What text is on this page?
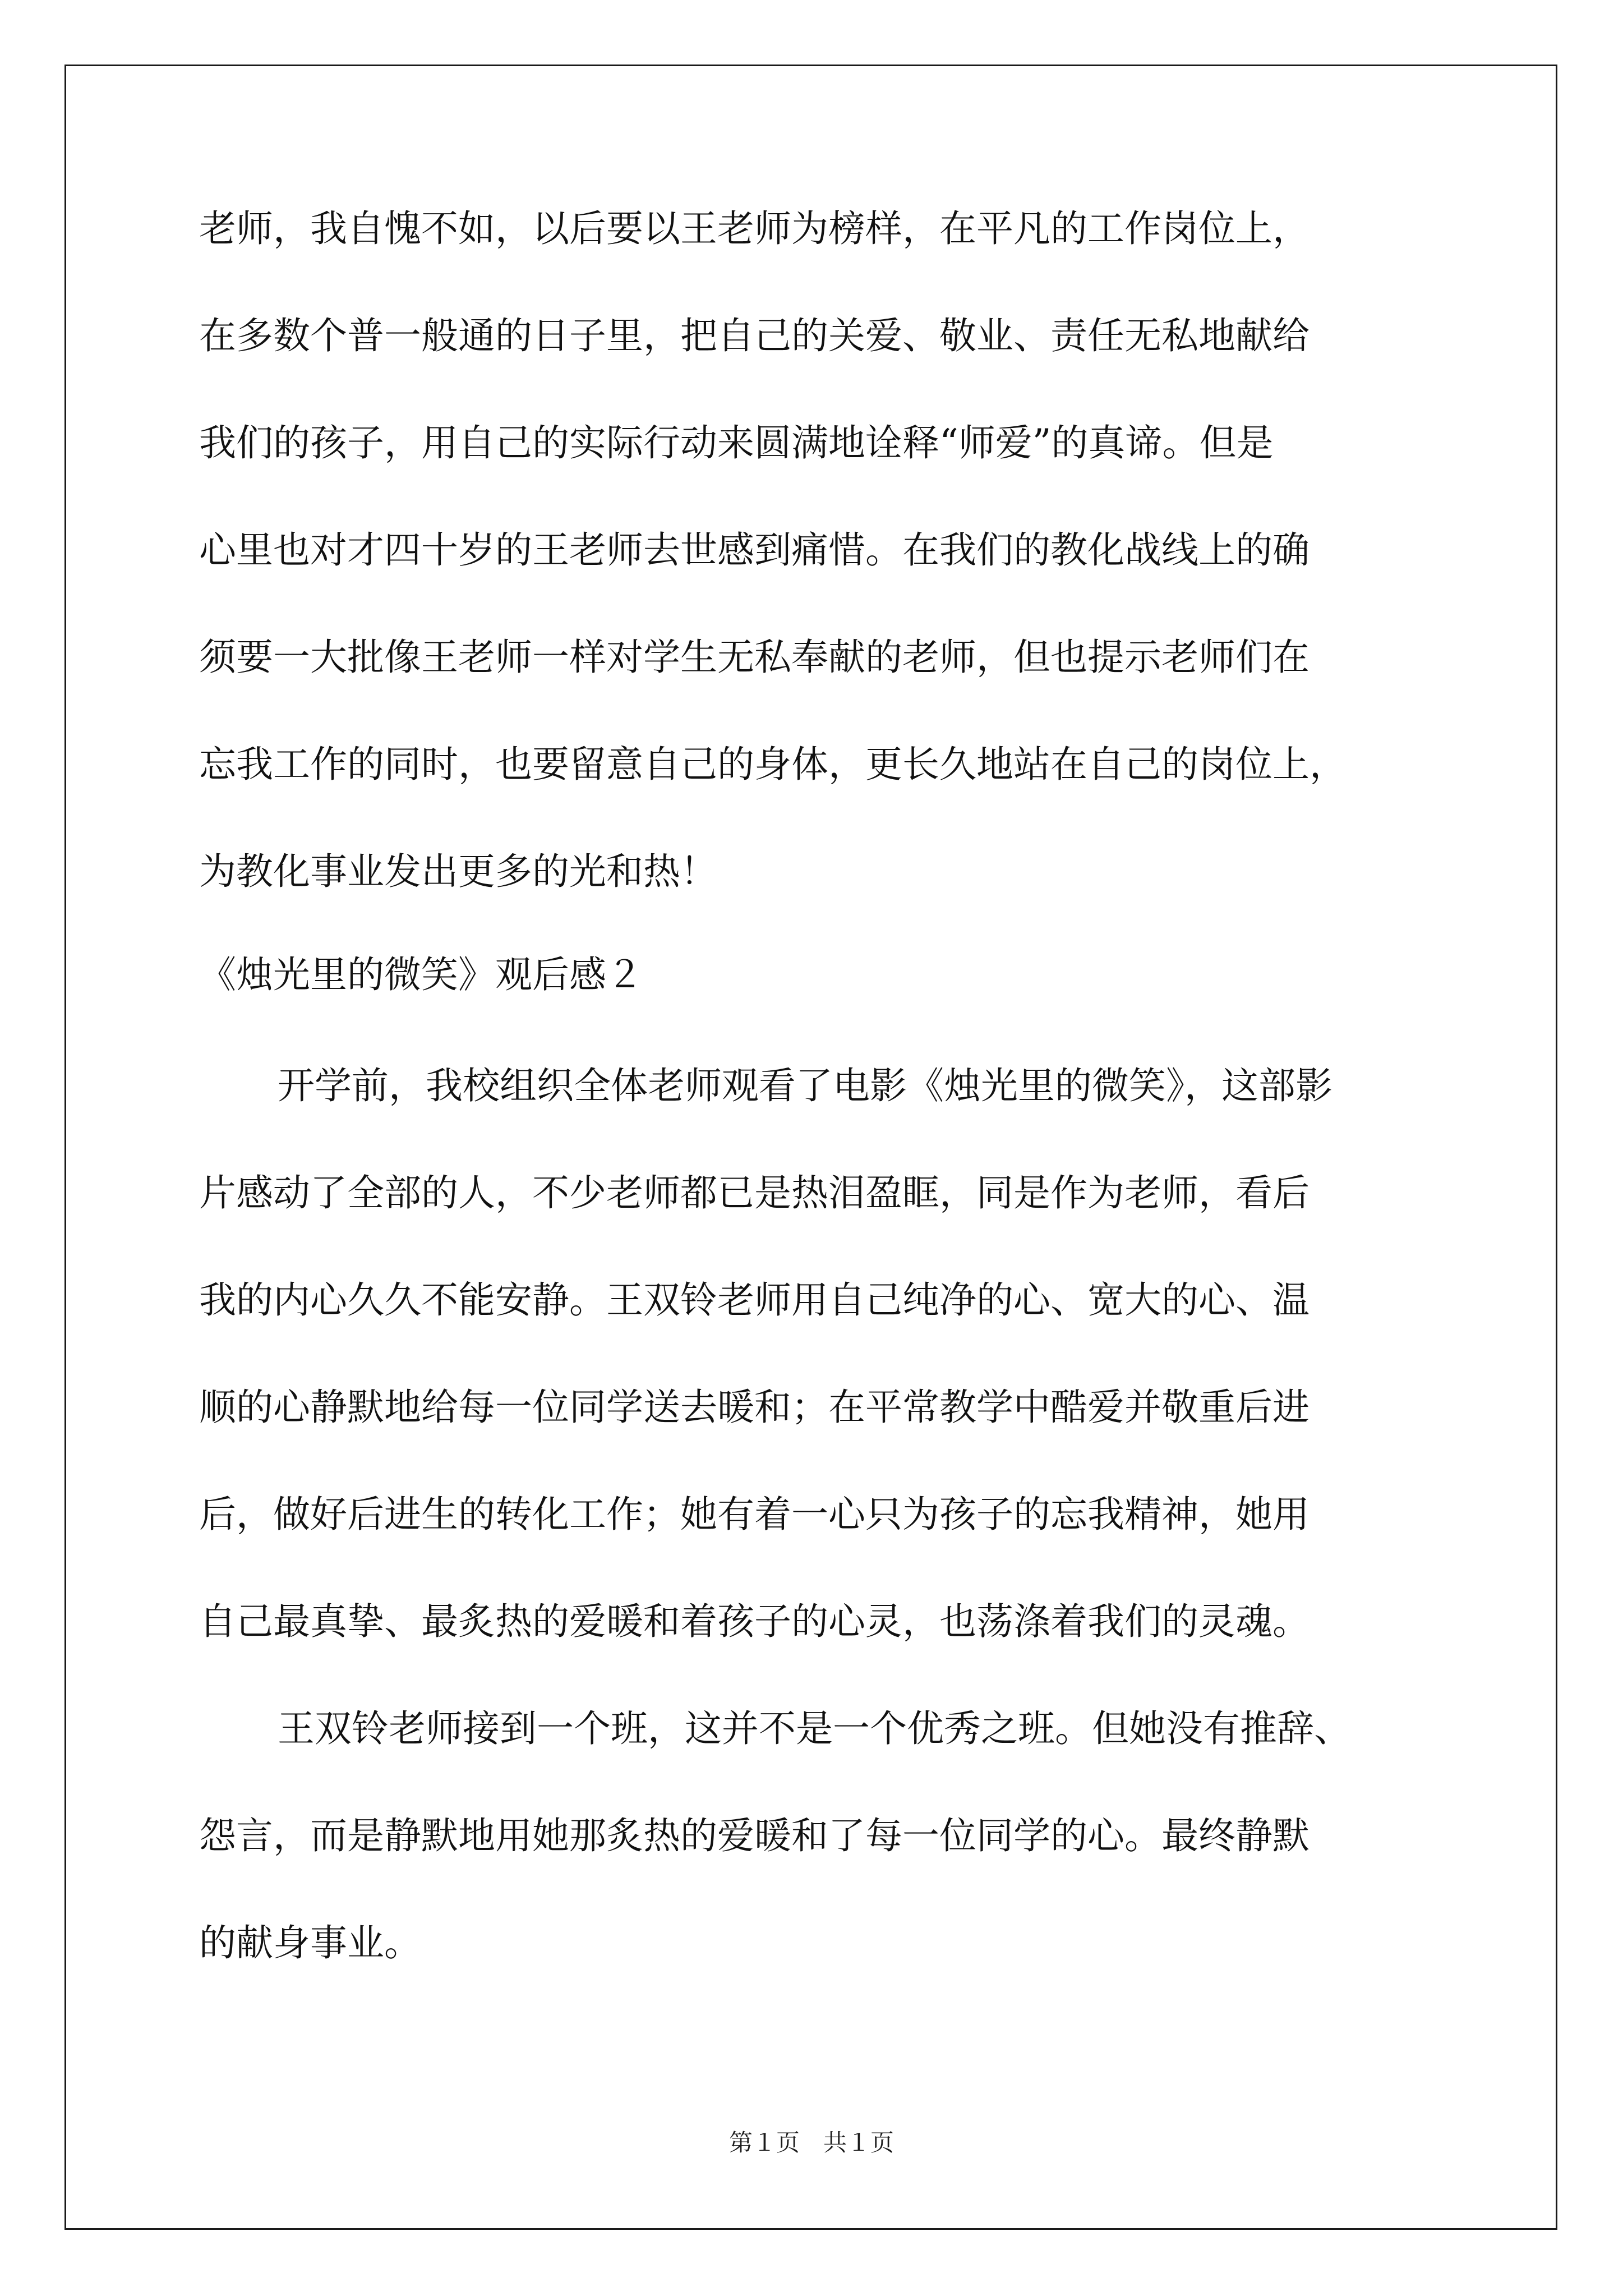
老师，我自愧不如，以后要以王老师为榜样，在平凡的工作岗位上，
在多数个普一般通的日子里，把自己的关爱、敬业、责任无私地献给
我们的孩子，用自己的实际行动来圆满地诠释“师爱”的真谛。但是
心里也对才四十岁的王老师去世感到痛惜。在我们的教化战线上的确
须要一大批像王老师一样对学生无私奉献的老师，但也提示老师们在
忘我工作的同时，也要留意自己的身体，更长久地站在自己的岗位上，
为教化事业发出更多的光和热！
《烛光里的微笑》观后感２
开学前，我校组织全体老师观看了电影《烛光里的微笑》，这部影
片感动了全部的人，不少老师都已是热泪盈眶，同是作为老师，看后
我的内心久久不能安静。王双铃老师用自己纯净的心、宽大的心、温
顺的心静默地给每一位同学送去暖和；在平常教学中酷爱并敬重后进
后，做好后进生的转化工作；她有着一心只为孩子的忘我精神，她用
自己最真挚、最炙热的爱暖和着孩子的心灵，也荡涤着我们的灵魂。
王双铃老师接到一个班，这并不是一个优秀之班。但她没有推辞、
怨言，而是静默地用她那炙热的爱暖和了每一位同学的心。最终静默
的献身事业。
第１页　共１页
